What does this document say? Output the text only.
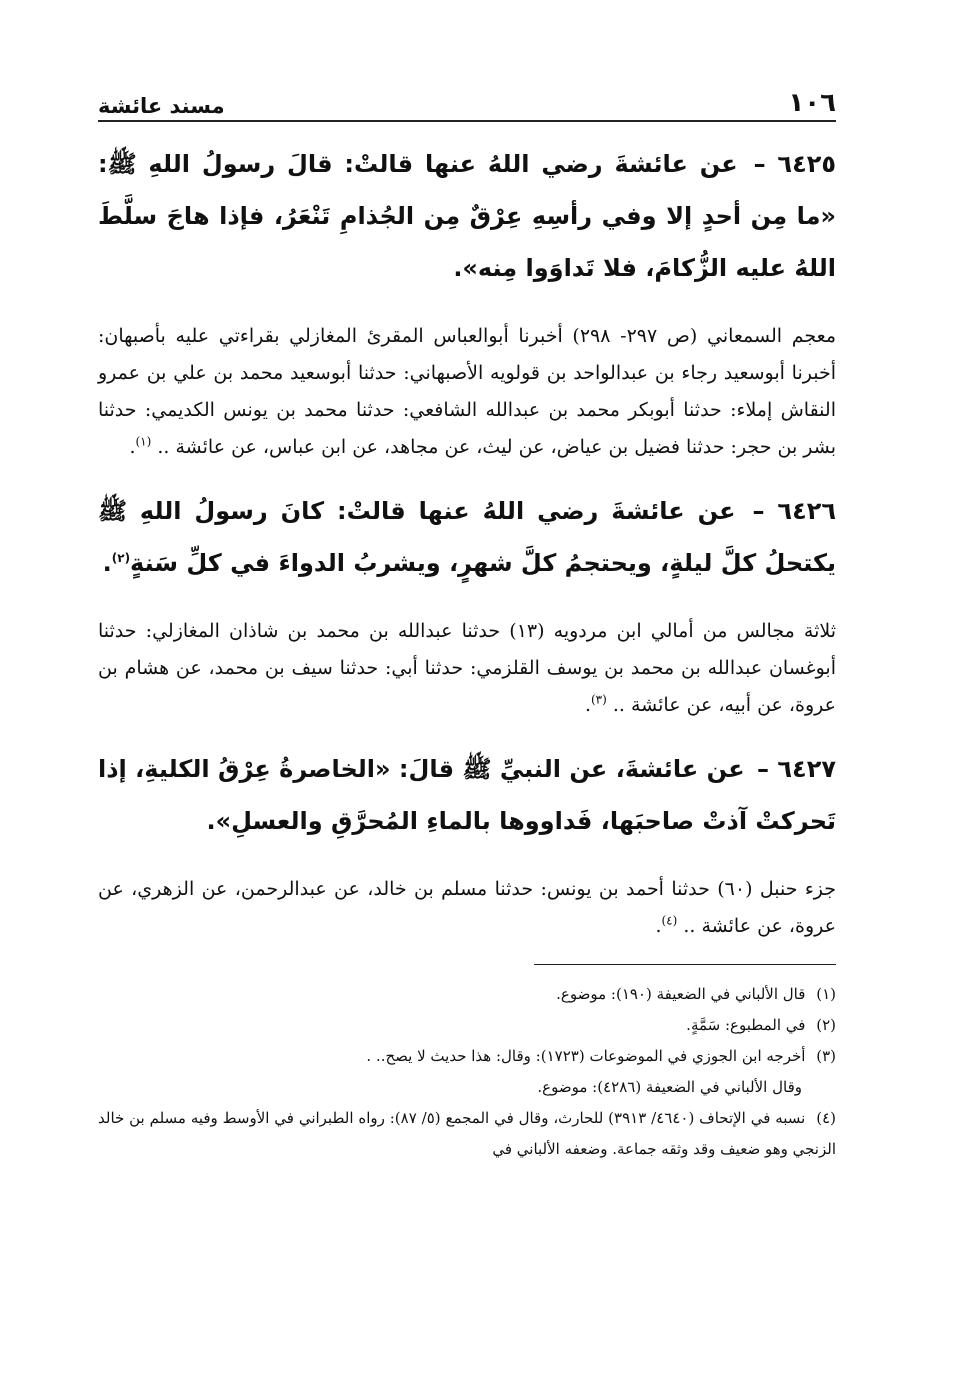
١٠٦
مسند عائشة

٦٤٢٥ – عن عائشةَ رضي اللهُ عنها قالتْ: قالَ رسولُ اللهِ ﷺ: «ما مِن أحدٍ إلا وفي رأسِهِ عِرْقٌ مِن الجُذامِ تَنْعَرُ، فإذا هاجَ سلَّطَ اللهُ عليه الزُّكامَ، فلا تَداوَوا مِنه».

معجم السمعاني (ص ٢٩٧- ٢٩٨) أخبرنا أبوالعباس المقرئ المغازلي بقراءتي عليه بأصبهان: أخبرنا أبوسعيد رجاء بن عبدالواحد بن قولويه الأصبهاني: حدثنا أبوسعيد محمد بن علي بن عمرو النقاش إملاء: حدثنا أبوبكر محمد بن عبدالله الشافعي: حدثنا محمد بن يونس الكديمي: حدثنا بشر بن حجر: حدثنا فضيل بن عياض، عن ليث، عن مجاهد، عن ابن عباس، عن عائشة .. $^{(١)}$.

٦٤٢٦ – عن عائشةَ رضي اللهُ عنها قالتْ: كانَ رسولُ اللهِ ﷺ يكتحلُ كلَّ ليلةٍ، ويحتجمُ كلَّ شهرٍ، ويشربُ الدواءَ في كلِّ سَنةٍ$^{(٢)}$.

ثلاثة مجالس من أمالي ابن مردويه (١٣) حدثنا عبدالله بن محمد بن شاذان المغازلي: حدثنا أبوغسان عبدالله بن محمد بن يوسف القلزمي: حدثنا أبي: حدثنا سيف بن محمد، عن هشام بن عروة، عن أبيه، عن عائشة .. $^{(٣)}$.

٦٤٢٧ – عن عائشةَ، عن النبيِّ ﷺ قالَ: «الخاصرةُ عِرْقُ الكليةِ، إذا تَحركتْ آذتْ صاحبَها، فَداووها بالماءِ المُحرَّقِ والعسلِ».

جزء حنبل (٦٠) حدثنا أحمد بن يونس: حدثنا مسلم بن خالد، عن عبدالرحمن، عن الزهري، عن عروة، عن عائشة .. $^{(٤)}$.

(١) قال الألباني في الضعيفة (١٩٠): موضوع.
(٢) في المطبوع: سَمَّةٍ.
(٣) أخرجه ابن الجوزي في الموضوعات (١٧٢٣): وقال: هذا حديث لا يصح.. .
وقال الألباني في الضعيفة (٤٢٨٦): موضوع.
(٤) نسبه في الإتحاف (٤٦٤٠/ ٣٩١٣) للحارث، وقال في المجمع (٥/ ٨٧): رواه الطبراني في الأوسط وفيه مسلم بن خالد الزنجي وهو ضعيف وقد وثقه جماعة. وضعفه الألباني في
